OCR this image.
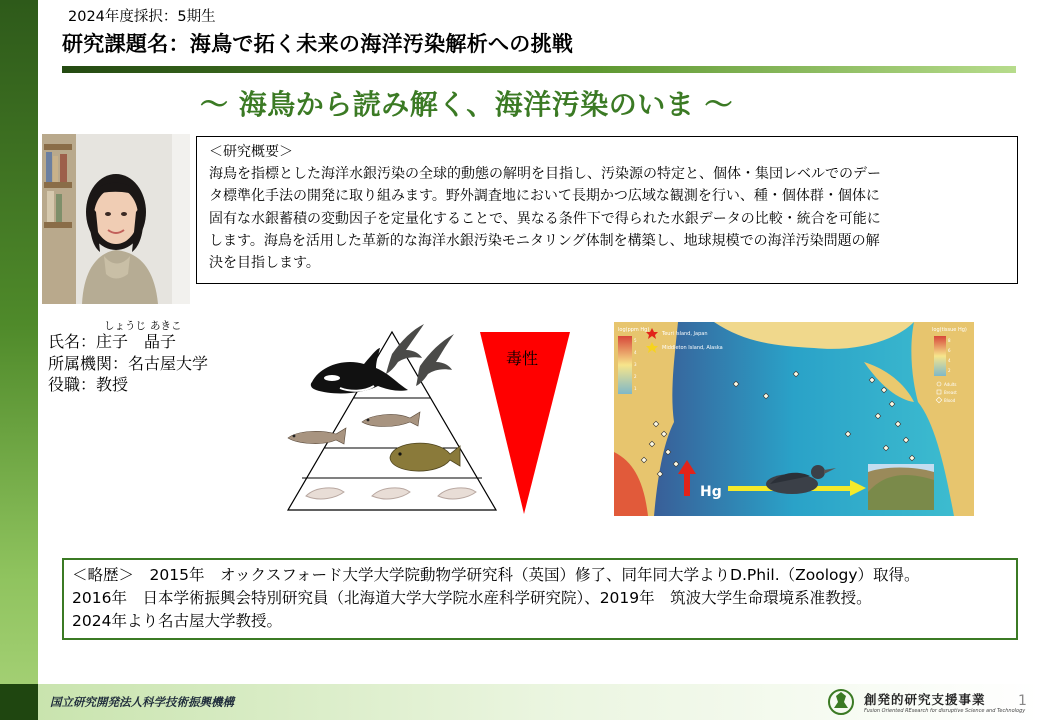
2024年度採択：5期生
研究課題名：海鳥で拓く未来の海洋汚染解析への挑戦
〜 海鳥から読み解く、海洋汚染のいま 〜
＜研究概要＞
海鳥を指標とした海洋水銀汚染の全球的動態の解明を目指し、汚染源の特定と、個体・集団レベルでのデー
タ標準化手法の開発に取り組みます。野外調査地において長期かつ広域な観測を行い、種・個体群・個体に
固有な水銀蓄積の変動因子を定量化することで、異なる条件下で得られた水銀データの比較・統合を可能に
します。海鳥を活用した革新的な海洋水銀汚染モニタリング体制を構築し、地球規模での海洋汚染問題の解
決を目指します。
しょうじ あきこ
氏名：庄子　晶子
所属機関：名古屋大学
役職：教授
毒性
log(ppm Hg)
5
4
3
2
1
Teuri Island, Japan
Middleton Island, Alaska
log(tissue Hg)
8
6
4
2
Adults
Breast
Blood
Hg
＜略歴＞　2015年　オックスフォード大学大学院動物学研究科（英国）修了、同年同大学よりD.Phil.（Zoology）取得。
2016年　日本学術振興会特別研究員（北海道大学大学院水産科学研究院）、2019年　筑波大学生命環境系准教授。
2024年より名古屋大学教授。
国立研究開発法人科学技術振興機構	創発的研究支援事業
Fusion Oriented REsearch for disruptive Science and Technology
1
